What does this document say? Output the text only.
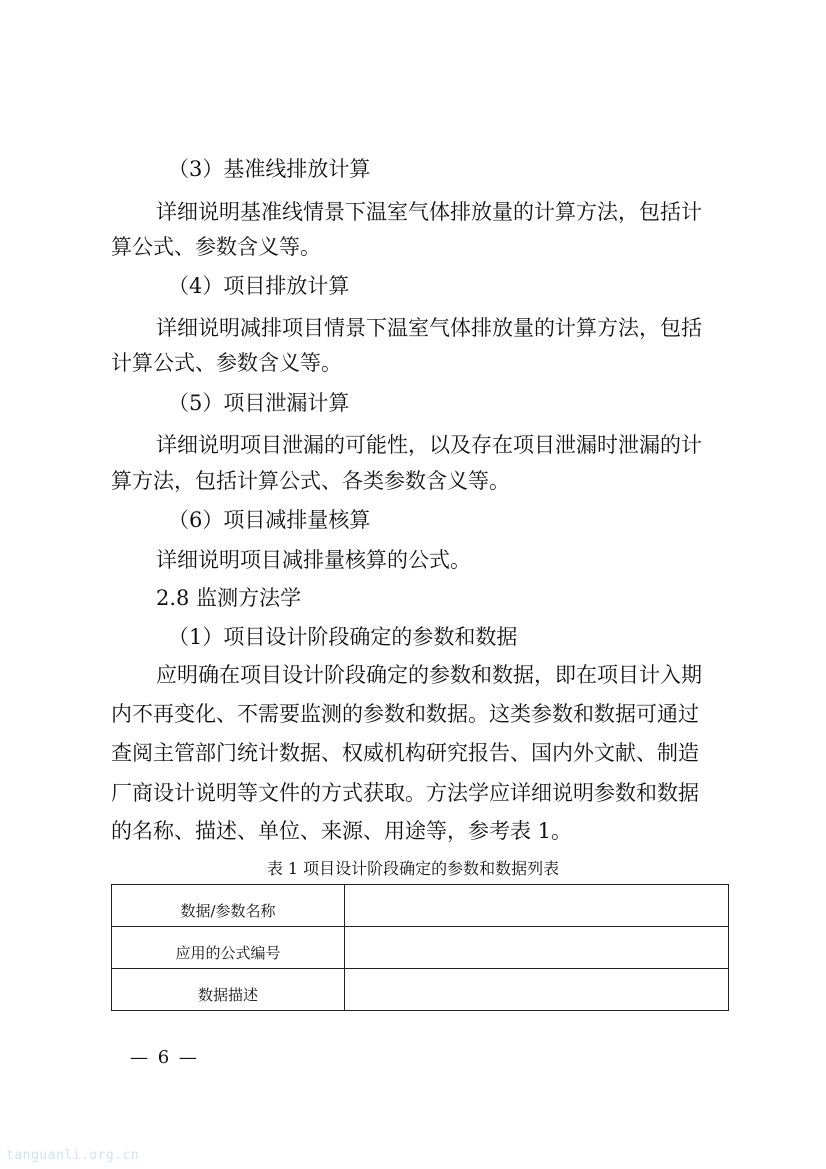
（3）基准线排放计算
详细说明基准线情景下温室气体排放量的计算方法，包括计
算公式、参数含义等。
（4）项目排放计算
详细说明减排项目情景下温室气体排放量的计算方法，包括
计算公式、参数含义等。
（5）项目泄漏计算
详细说明项目泄漏的可能性，以及存在项目泄漏时泄漏的计
算方法，包括计算公式、各类参数含义等。
（6）项目减排量核算
详细说明项目减排量核算的公式。
2.8 监测方法学
（1）项目设计阶段确定的参数和数据
应明确在项目设计阶段确定的参数和数据，即在项目计入期
内不再变化、不需要监测的参数和数据。这类参数和数据可通过
查阅主管部门统计数据、权威机构研究报告、国内外文献、制造
厂商设计说明等文件的方式获取。方法学应详细说明参数和数据
的名称、描述、单位、来源、用途等，参考表 1。
表 1 项目设计阶段确定的参数和数据列表
数据/参数名称	
应用的公式编号	
数据描述	
— 6 —
tanguanli.org.cn
